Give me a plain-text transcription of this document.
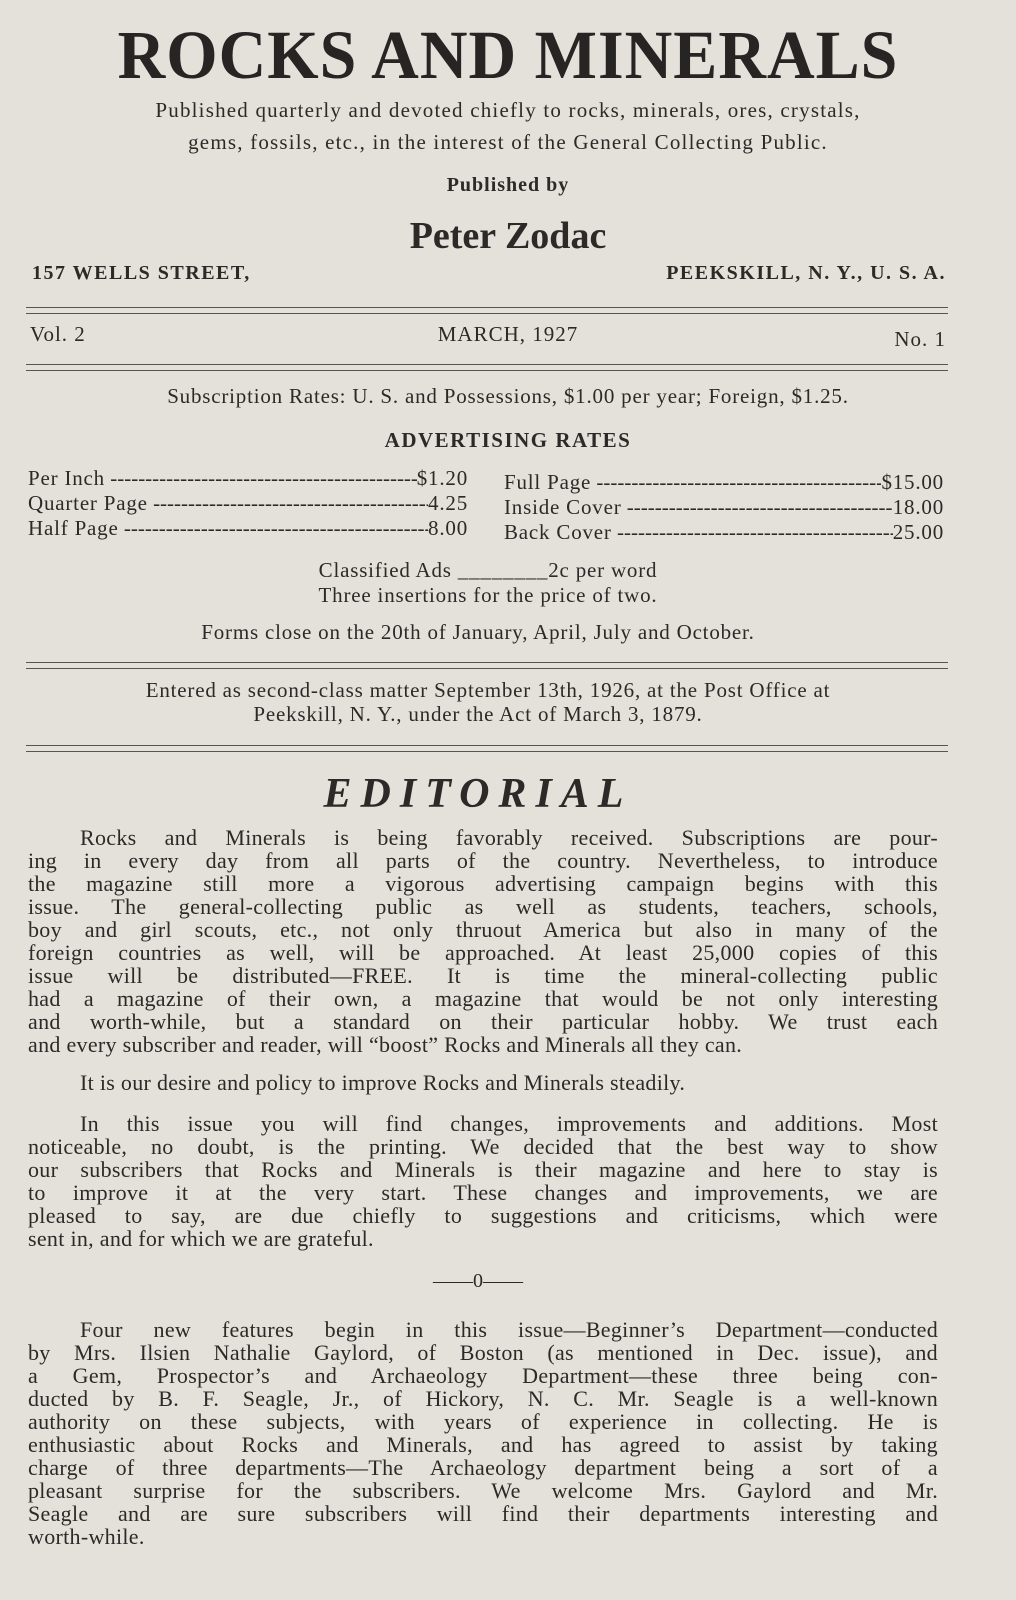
ROCKS AND MINERALS
Published quarterly and devoted chiefly to rocks, minerals, ores, crystals,
gems, fossils, etc., in the interest of the General Collecting Public.
Published by
Peter Zodac
157 WELLS STREET,	PEEKSKILL, N. Y., U. S. A.
Vol. 2	MARCH, 1927	No. 1
Subscription Rates: U. S. and Possessions, $1.00 per year; Foreign, $1.25.
ADVERTISING RATES
Per Inch -----	$1.20
Quarter Page -----	4.25
Half Page -----	8.00
Full Page -----	$15.00
Inside Cover -----	18.00
Back Cover -----	25.00
Classified Ads ________2c per word
Three insertions for the price of two.
Forms close on the 20th of January, April, July and October.
Entered as second-class matter September 13th, 1926, at the Post Office at
Peekskill, N. Y., under the Act of March 3, 1879.
EDITORIAL
Rocks and Minerals is being favorably received. Subscriptions are pour-
ing in every day from all parts of the country. Nevertheless, to introduce
the magazine still more a vigorous advertising campaign begins with this
issue. The general-collecting public as well as students, teachers, schools,
boy and girl scouts, etc., not only thruout America but also in many of the
foreign countries as well, will be approached. At least 25,000 copies of this
issue will be distributed—FREE. It is time the mineral-collecting public
had a magazine of their own, a magazine that would be not only interesting
and worth-while, but a standard on their particular hobby. We trust each
and every subscriber and reader, will “boost” Rocks and Minerals all they can.
It is our desire and policy to improve Rocks and Minerals steadily.
In this issue you will find changes, improvements and additions. Most
noticeable, no doubt, is the printing. We decided that the best way to show
our subscribers that Rocks and Minerals is their magazine and here to stay is
to improve it at the very start. These changes and improvements, we are
pleased to say, are due chiefly to suggestions and criticisms, which were
sent in, and for which we are grateful.
——0——
Four new features begin in this issue—Beginner’s Department—conducted
by Mrs. Ilsien Nathalie Gaylord, of Boston (as mentioned in Dec. issue), and
a Gem, Prospector’s and Archaeology Department—these three being con-
ducted by B. F. Seagle, Jr., of Hickory, N. C. Mr. Seagle is a well-known
authority on these subjects, with years of experience in collecting. He is
enthusiastic about Rocks and Minerals, and has agreed to assist by taking
charge of three departments—The Archaeology department being a sort of a
pleasant surprise for the subscribers. We welcome Mrs. Gaylord and Mr.
Seagle and are sure subscribers will find their departments interesting and
worth-while.
